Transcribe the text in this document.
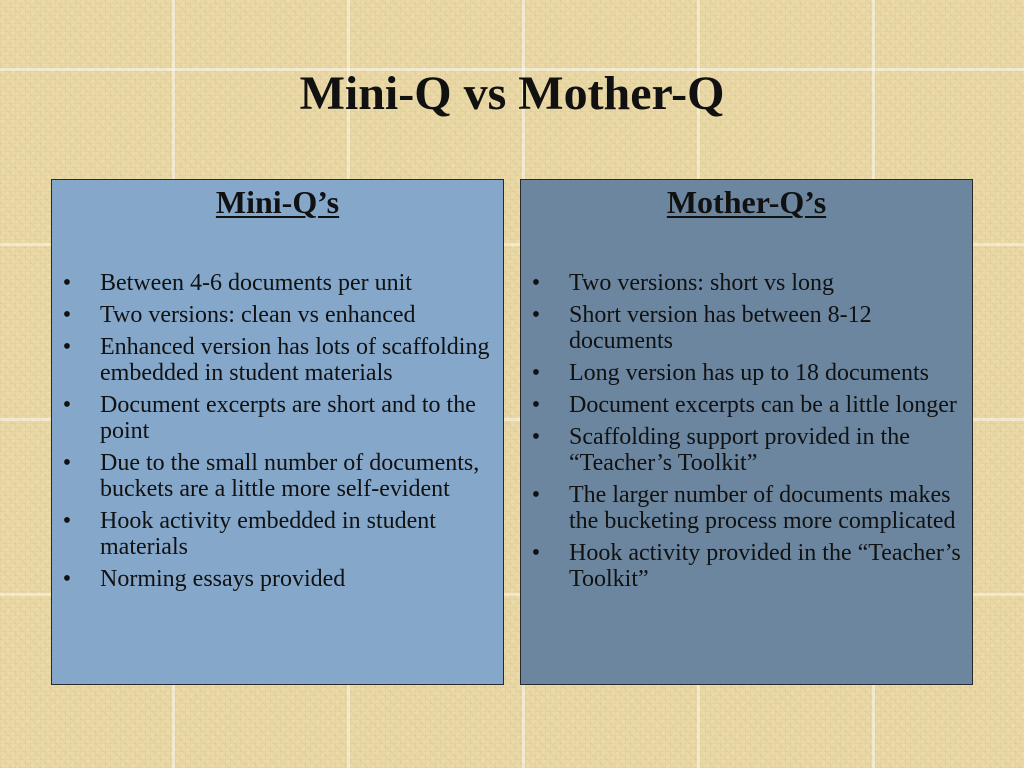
Mini-Q vs Mother-Q
Mini-Q’s
• Between 4-6 documents per unit
• Two versions: clean vs enhanced
• Enhanced version has lots of scaffolding embedded in student materials
• Document excerpts are short and to the point
• Due to the small number of documents, buckets are a little more self-evident
• Hook activity embedded in student materials
• Norming essays provided
Mother-Q’s
• Two versions: short vs long
• Short version has between 8-12 documents
• Long version has up to 18 documents
• Document excerpts can be a little longer
• Scaffolding support provided in the “Teacher’s Toolkit”
• The larger number of documents makes the bucketing process more complicated
• Hook activity provided in the “Teacher’s Toolkit”
